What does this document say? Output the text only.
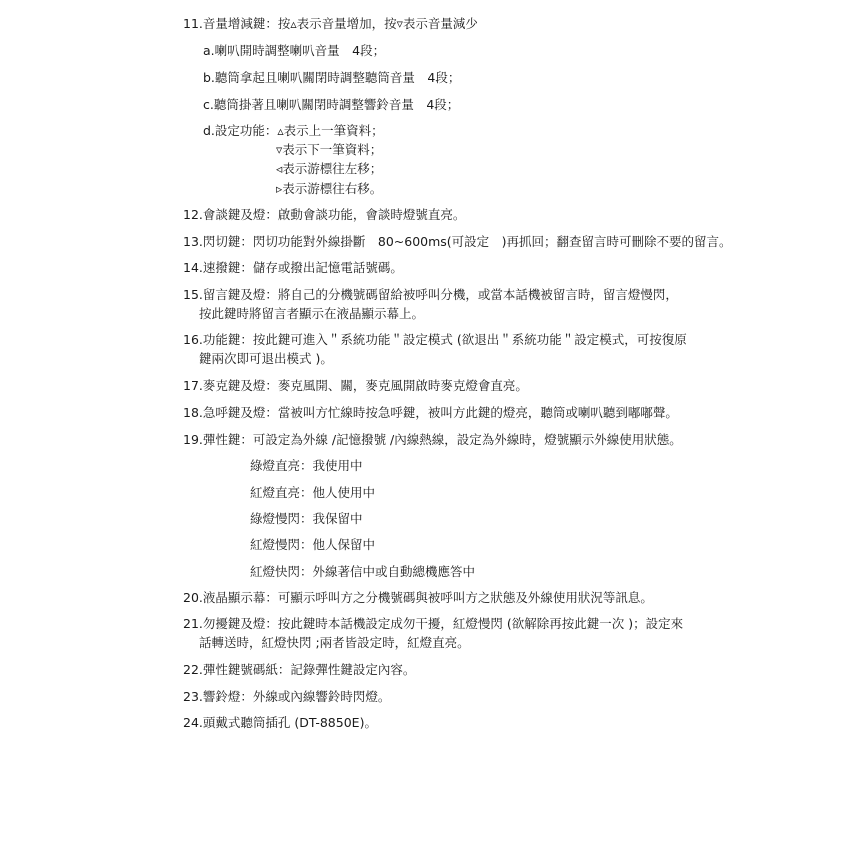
11.音量增減鍵：按▵表示音量增加，按▿表示音量減少
a.喇叭開時調整喇叭音量　4段；
b.聽筒拿起且喇叭關閉時調整聽筒音量　4段；
c.聽筒掛著且喇叭關閉時調整響鈴音量　4段；
d.設定功能：▵表示上一筆資料；
▿表示下一筆資料；
◃表示游標往左移；
▹表示游標往右移。
12.會談鍵及燈：啟動會談功能，會談時燈號直亮。
13.閃切鍵：閃切功能對外線掛斷　80~600ms(可設定　)再抓回；翻查留言時可刪除不要的留言。
14.速撥鍵：儲存或撥出記憶電話號碼。
15.留言鍵及燈：將自己的分機號碼留給被呼叫分機，或當本話機被留言時，留言燈慢閃，
按此鍵時將留言者顯示在液晶顯示幕上。
16.功能鍵：按此鍵可進入＂系統功能＂設定模式 (欲退出＂系統功能＂設定模式，可按復原
鍵兩次即可退出模式 )。
17.麥克鍵及燈：麥克風開、關，麥克風開啟時麥克燈會直亮。
18.急呼鍵及燈：當被叫方忙線時按急呼鍵，被叫方此鍵的燈亮，聽筒或喇叭聽到嘟嘟聲。
19.彈性鍵：可設定為外線 /記憶撥號 /內線熱線，設定為外線時，燈號顯示外線使用狀態。
綠燈直亮：我使用中
紅燈直亮：他人使用中
綠燈慢閃：我保留中
紅燈慢閃：他人保留中
紅燈快閃：外線著信中或自動總機應答中
20.液晶顯示幕：可顯示呼叫方之分機號碼與被呼叫方之狀態及外線使用狀況等訊息。
21.勿擾鍵及燈：按此鍵時本話機設定成勿干擾，紅燈慢閃 (欲解除再按此鍵一次 )；設定來
話轉送時，紅燈快閃 ;兩者皆設定時，紅燈直亮。
22.彈性鍵號碼紙：記錄彈性鍵設定內容。
23.響鈴燈：外線或內線響鈴時閃燈。
24.頭戴式聽筒插孔 (DT-8850E)。
